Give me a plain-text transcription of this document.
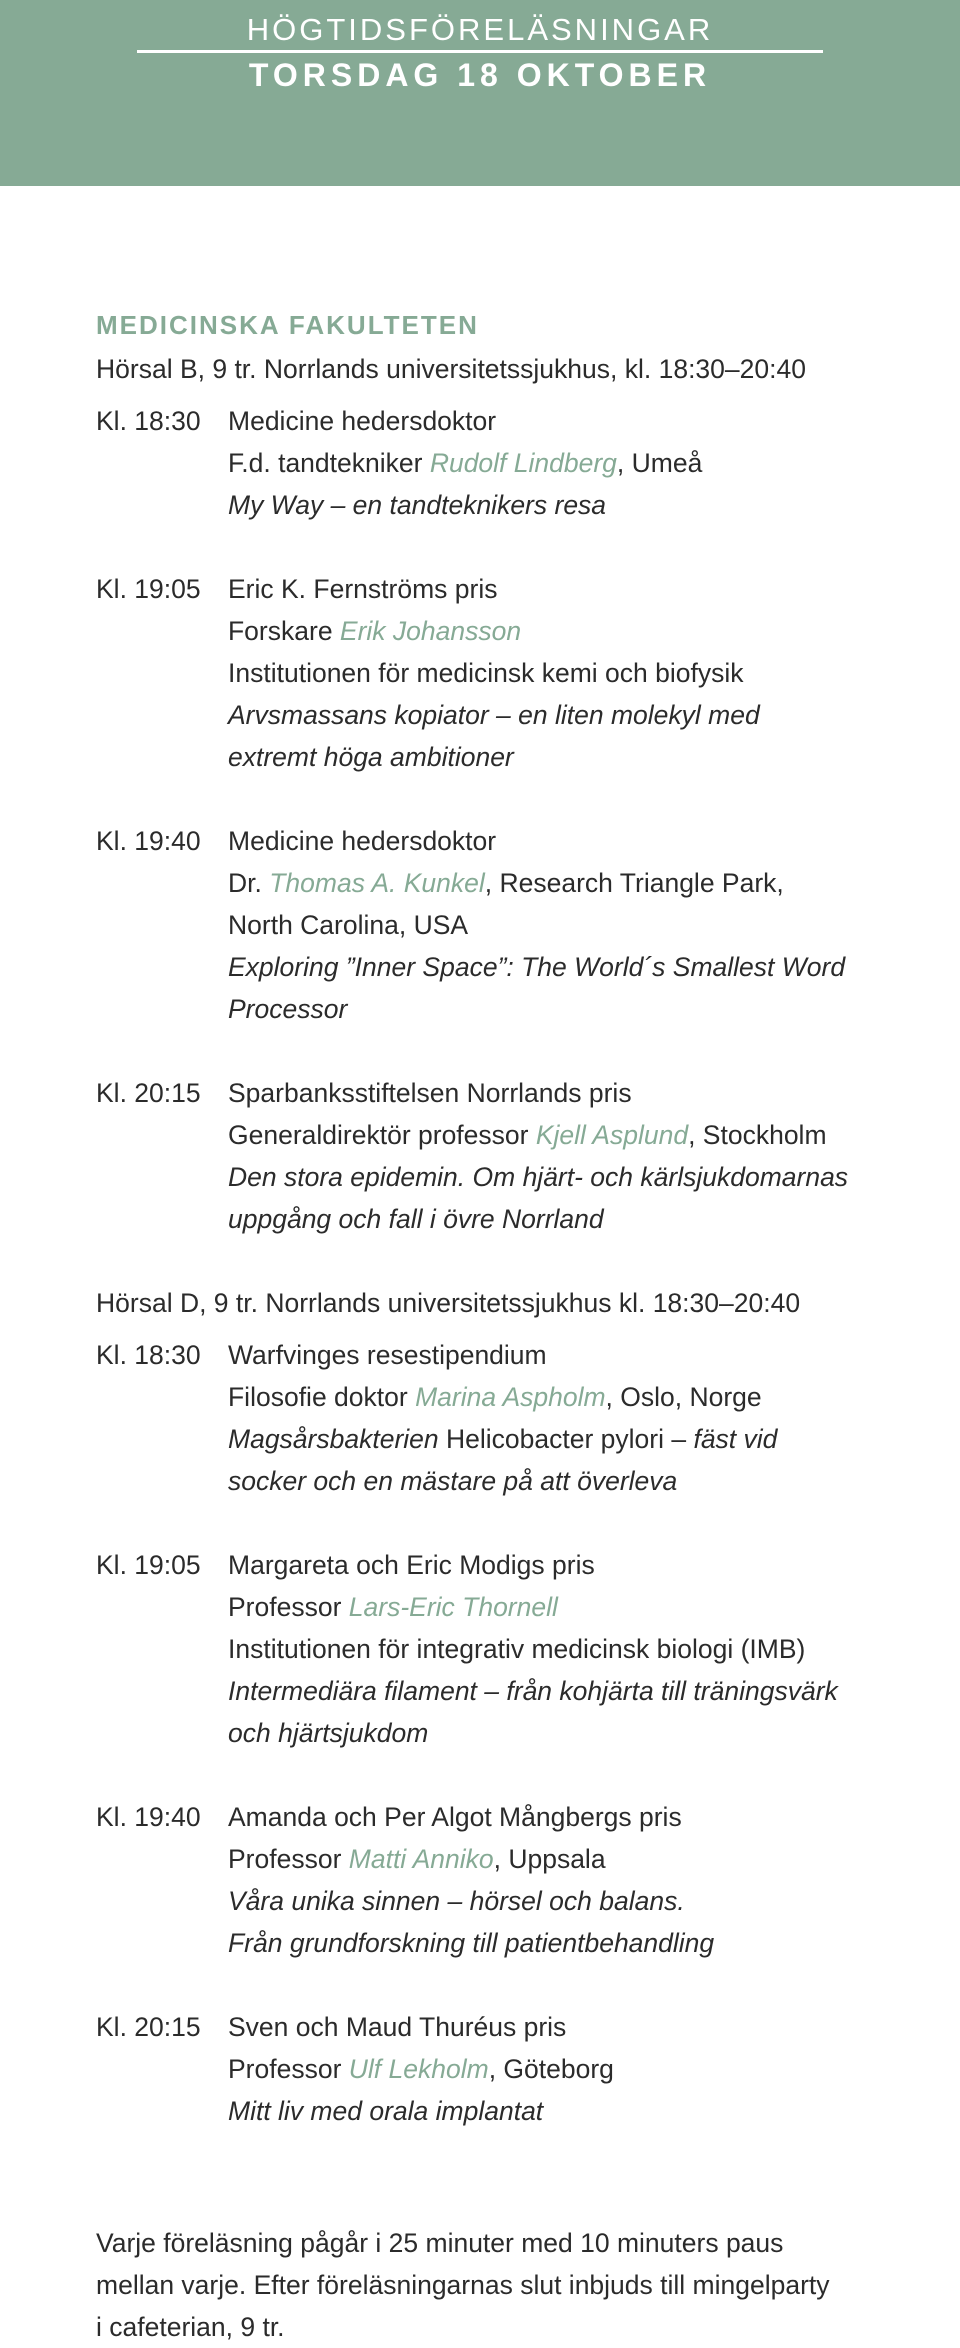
HÖGTIDSFÖRELÄSNINGAR
TORSDAG 18 OKTOBER
MEDICINSKA FAKULTETEN
Hörsal B, 9 tr. Norrlands universitetssjukhus, kl. 18:30–20:40
Kl. 18:30	Medicine hedersdoktor
F.d. tandtekniker Rudolf Lindberg, Umeå
My Way – en tandteknikers resa
Kl. 19:05	Eric K. Fernströms pris
Forskare Erik Johansson
Institutionen för medicinsk kemi och biofysik
Arvsmassans kopiator – en liten molekyl med
extremt höga ambitioner
Kl. 19:40	Medicine hedersdoktor
Dr. Thomas A. Kunkel, Research Triangle Park,
North Carolina, USA
Exploring ”Inner Space”: The World´s Smallest Word
Processor
Kl. 20:15	Sparbanksstiftelsen Norrlands pris
Generaldirektör professor Kjell Asplund, Stockholm
Den stora epidemin. Om hjärt- och kärlsjukdomarnas
uppgång och fall i övre Norrland
Hörsal D, 9 tr. Norrlands universitetssjukhus kl. 18:30–20:40
Kl. 18:30	Warfvinges resestipendium
Filosofie doktor Marina Aspholm, Oslo, Norge
Magsårsbakterien Helicobacter pylori – fäst vid
socker och en mästare på att överleva
Kl. 19:05	Margareta och Eric Modigs pris
Professor Lars-Eric Thornell
Institutionen för integrativ medicinsk biologi (IMB)
Intermediära filament – från kohjärta till träningsvärk
och hjärtsjukdom
Kl. 19:40	Amanda och Per Algot Mångbergs pris
Professor Matti Anniko, Uppsala
Våra unika sinnen – hörsel och balans.
Från grundforskning till patientbehandling
Kl. 20:15	Sven och Maud Thuréus pris
Professor Ulf Lekholm, Göteborg
Mitt liv med orala implantat
Varje föreläsning pågår i 25 minuter med 10 minuters paus
mellan varje. Efter föreläsningarnas slut inbjuds till mingelparty
i cafeterian, 9 tr.
